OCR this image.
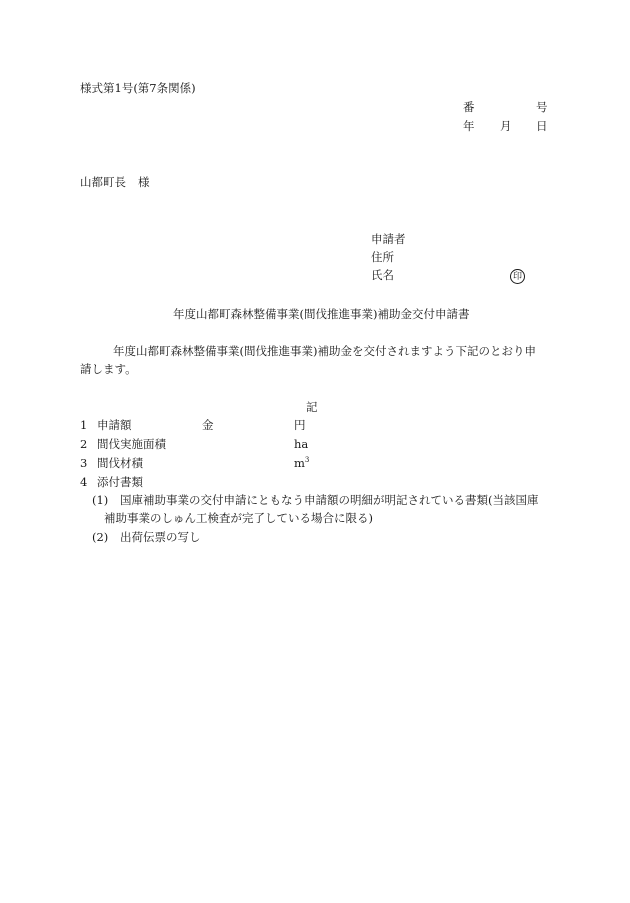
様式第1号(第7条関係)
番	号
年 月 日
山都町長 様
申請者
住所
氏名	印
年度山都町森林整備事業(間伐推進事業)補助金交付申請書
年度山都町森林整備事業(間伐推進事業)補助金を交付されますよう下記のとおり申
請します。
記
1 申請額	金	円
2 間伐実施面積	ha
3 間伐材積	$m^3$
4 添付書類
(1) 国庫補助事業の交付申請にともなう申請額の明細が明記されている書類(当該国庫
補助事業のしゅん工検査が完了している場合に限る)
(2) 出荷伝票の写し
